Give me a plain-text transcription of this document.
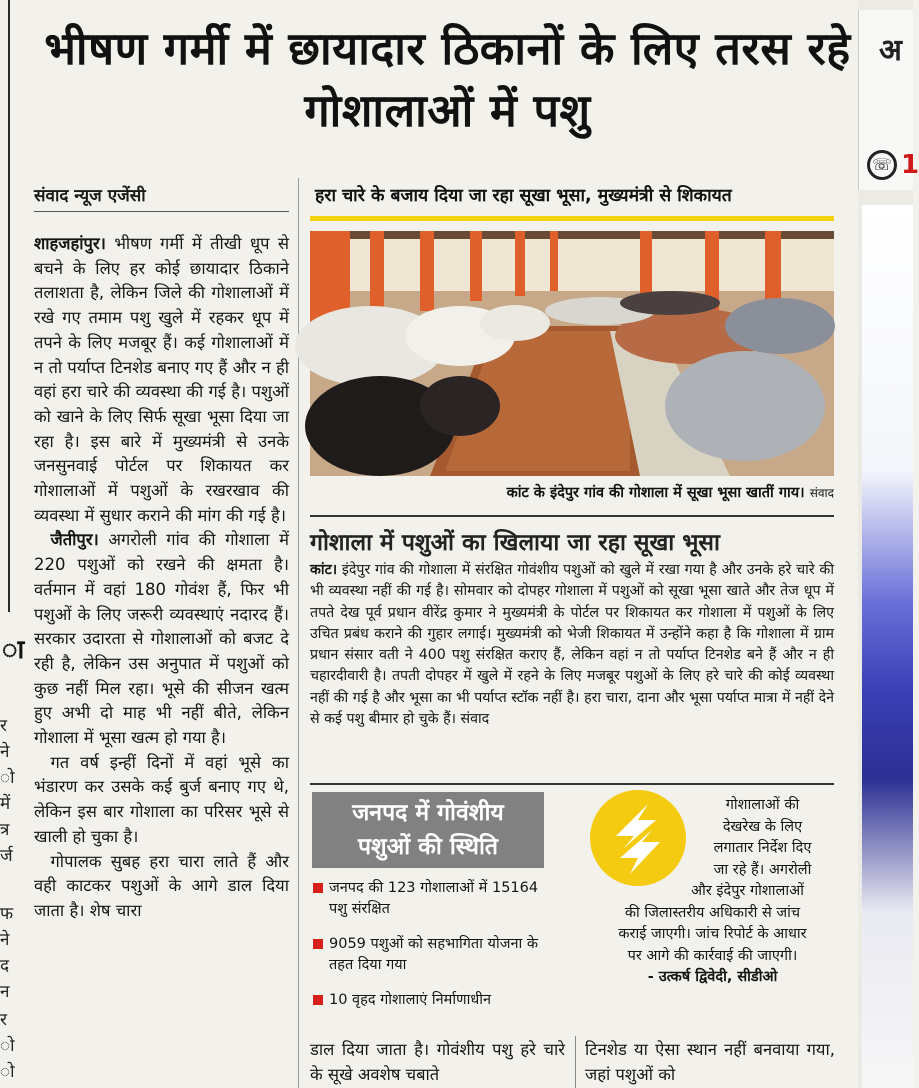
ा
र
ने
ो
में
त्र
र्ज
फ
ने
द
न
र
ो
ो
अ
☏ 1
भीषण गर्मी में छायादार ठिकानों के लिए तरस रहे गोशालाओं में पशु
संवाद न्यूज एजेंसी

शाहजहांपुर। भीषण गर्मी में तीखी धूप से बचने के लिए हर कोई छायादार ठिकाने तलाशता है, लेकिन जिले की गोशालाओं में रखे गए तमाम पशु खुले में रहकर धूप में तपने के लिए मजबूर हैं। कई गोशालाओं में न तो पर्याप्त टिनशेड बनाए गए हैं और न ही वहां हरा चारे की व्यवस्था की गई है। पशुओं को खाने के लिए सिर्फ सूखा भूसा दिया जा रहा है। इस बारे में मुख्यमंत्री से उनके जनसुनवाई पोर्टल पर शिकायत कर गोशालाओं में पशुओं के रखरखाव की व्यवस्था में सुधार कराने की मांग की गई है।

 जैतीपुर। अगरोली गांव की गोशाला में 220 पशुओं को रखने की क्षमता है। वर्तमान में वहां 180 गोवंश हैं, फिर भी पशुओं के लिए जरूरी व्यवस्थाएं नदारद हैं। सरकार उदारता से गोशालाओं को बजट दे रही है, लेकिन उस अनुपात में पशुओं को कुछ नहीं मिल रहा। भूसे की सीजन खत्म हुए अभी दो माह भी नहीं बीते, लेकिन गोशाला में भूसा खत्म हो गया है।

 गत वर्ष इन्हीं दिनों में वहां भूसे का भंडारण कर उसके कई बुर्ज बनाए गए थे, लेकिन इस बार गोशाला का परिसर भूसे से खाली हो चुका है।

 गोपालक सुबह हरा चारा लाते हैं और वही काटकर पशुओं के आगे डाल दिया जाता है। शेष चारा

हरा चारे के बजाय दिया जा रहा सूखा भूसा, मुख्यमंत्री से शिकायत
कांट के इंदेपुर गांव की गोशाला में सूखा भूसा खातीं गाय। संवाद
गोशाला में पशुओं का खिलाया जा रहा सूखा भूसा
कांट। इंदेपुर गांव की गोशाला में संरक्षित गोवंशीय पशुओं को खुले में रखा गया है और उनके हरे चारे की भी व्यवस्था नहीं की गई है। सोमवार को दोपहर गोशाला में पशुओं को सूखा भूसा खाते और तेज धूप में तपते देख पूर्व प्रधान वीरेंद्र कुमार ने मुख्यमंत्री के पोर्टल पर शिकायत कर गोशाला में पशुओं के लिए उचित प्रबंध कराने की गुहार लगाई। मुख्यमंत्री को भेजी शिकायत में उन्होंने कहा है कि गोशाला में ग्राम प्रधान संसार वती ने 400 पशु संरक्षित कराए हैं, लेकिन वहां न तो पर्याप्त टिनशेड बने हैं और न ही चहारदीवारी है। तपती दोपहर में खुले में रहने के लिए मजबूर पशुओं के लिए हरे चारे की कोई व्यवस्था नहीं की गई है और भूसा का भी पर्याप्त स्टॉक नहीं है। हरा चारा, दाना और भूसा पर्याप्त मात्रा में नहीं देने से कई पशु बीमार हो चुके हैं। संवाद
जनपद में गोवंशीय
पशुओं की स्थिति
जनपद की 123 गोशालाओं में 15164 पशु संरक्षित
9059 पशुओं को सहभागिता योजना के तहत दिया गया
10 वृहद गोशालाएं निर्माणाधीन
गोशालाओं की
देखरेख के लिए
लगातार निर्देश दिए
जा रहे हैं। अगरोली
और इंदेपुर गोशालाओं
की जिलास्तरीय अधिकारी से जांच
कराई जाएगी। जांच रिपोर्ट के आधार
पर आगे की कार्रवाई की जाएगी।
- उत्कर्ष द्विवेदी, सीडीओ
डाल दिया जाता है। गोवंशीय पशु हरे चारे के सूखे अवशेष चबाते
टिनशेड या ऐसा स्थान नहीं बनवाया गया, जहां पशुओं को
